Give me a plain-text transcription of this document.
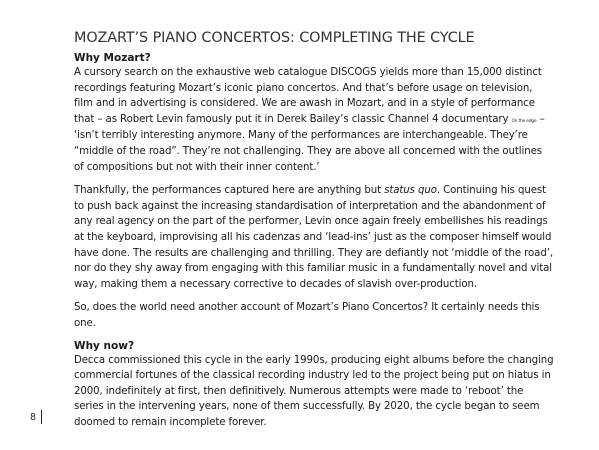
MOZART’S PIANO CONCERTOS: COMPLETING THE CYCLE
Why Mozart?

A cursory search on the exhaustive web catalogue DISCOGS yields more than 15,000 distinct recordings featuring Mozart’s iconic piano concertos. And that’s before usage on television, film and in advertising is considered. We are awash in Mozart, and in a style of performance that – as Robert Levin famously put it in Derek Bailey’s classic Channel 4 documentary On the edge – ‘isn’t terribly interesting anymore. Many of the performances are interchangeable. They’re “middle of the road”. They’re not challenging. They are above all concerned with the outlines of compositions but not with their inner content.’

Thankfully, the performances captured here are anything but status quo. Continuing his quest to push back against the increasing standardisation of interpretation and the abandonment of any real agency on the part of the performer, Levin once again freely embellishes his readings at the keyboard, improvising all his cadenzas and ‘lead-ins’ just as the composer himself would have done. The results are challenging and thrilling. They are defiantly not ‘middle of the road’, nor do they shy away from engaging with this familiar music in a fundamentally novel and vital way, making them a necessary corrective to decades of slavish over-production.

So, does the world need another account of Mozart’s Piano Concertos? It certainly needs this one.

Why now?

Decca commissioned this cycle in the early 1990s, producing eight albums before the changing commercial fortunes of the classical recording industry led to the project being put on hiatus in 2000, indefinitely at first, then definitively. Numerous attempts were made to ‘reboot’ the series in the intervening years, none of them successfully. By 2020, the cycle began to seem doomed to remain incomplete forever.

8
